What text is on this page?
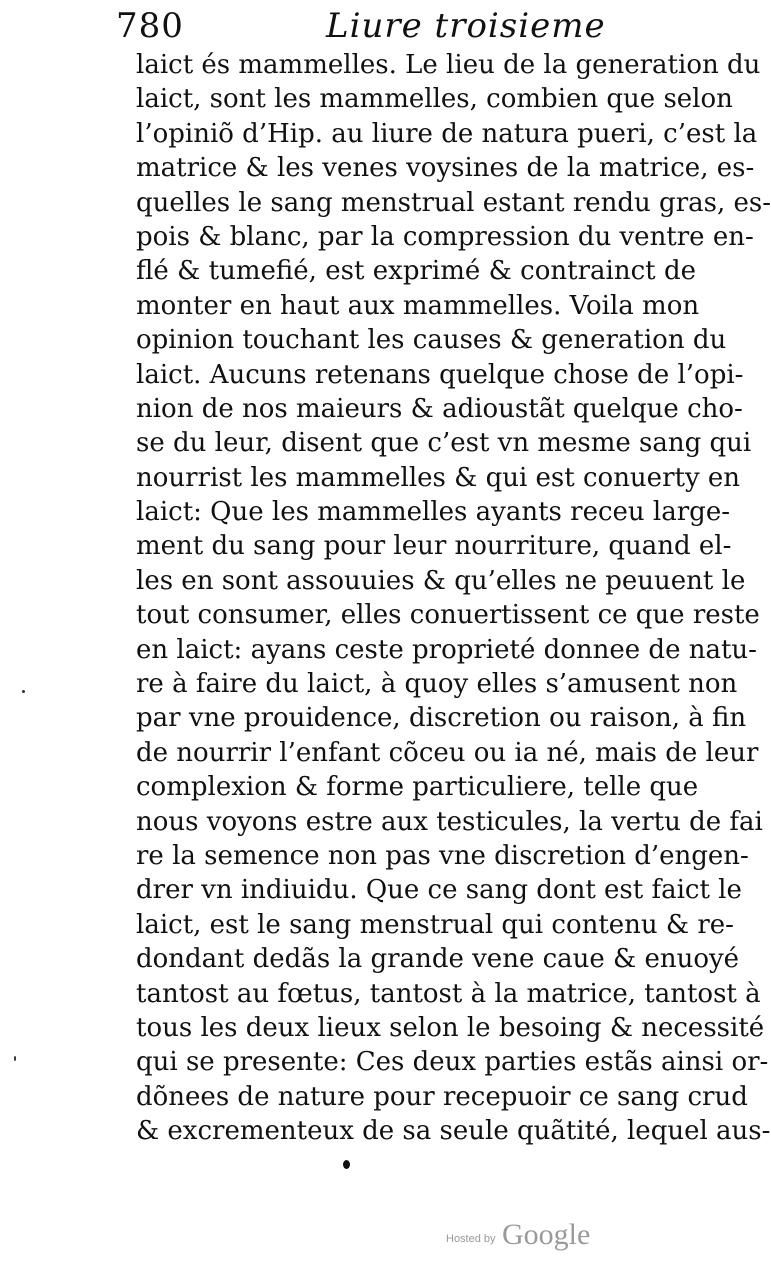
780	Liure troisieme
laict és mammelles. Le lieu de la generation du
laict, sont les mammelles, combien que selon
l’opiniõ d’Hip. au liure de natura pueri, c’est la
matrice & les venes voysines de la matrice, es-
quelles le sang menstrual estant rendu gras, es-
pois & blanc, par la compression du ventre en-
flé & tumefié, est exprimé & contrainct de
monter en haut aux mammelles. Voila mon
opinion touchant les causes & generation du
laict. Aucuns retenans quelque chose de l’opi-
nion de nos maieurs & adioustãt quelque cho-
se du leur, disent que c’est vn mesme sang qui
nourrist les mammelles & qui est conuerty en
laict: Que les mammelles ayants receu large-
ment du sang pour leur nourriture, quand el-
les en sont assouuies & qu’elles ne peuuent le
tout consumer, elles conuertissent ce que reste
en laict: ayans ceste proprieté donnee de natu-
re à faire du laict, à quoy elles s’amusent non
par vne prouidence, discretion ou raison, à fin
de nourrir l’enfant cõceu ou ia né, mais de leur
complexion & forme particuliere, telle que
nous voyons estre aux testicules, la vertu de fai
re la semence non pas vne discretion d’engen-
drer vn indiuidu. Que ce sang dont est faict le
laict, est le sang menstrual qui contenu & re-
dondant dedãs la grande vene caue & enuoyé
tantost au fœtus, tantost à la matrice, tantost à
tous les deux lieux selon le besoing & necessité
qui se presente: Ces deux parties estãs ainsi or-
dõnees de nature pour recepuoir ce sang crud
& excrementeux de sa seule quãtité, lequel aus-
Hosted by Google
